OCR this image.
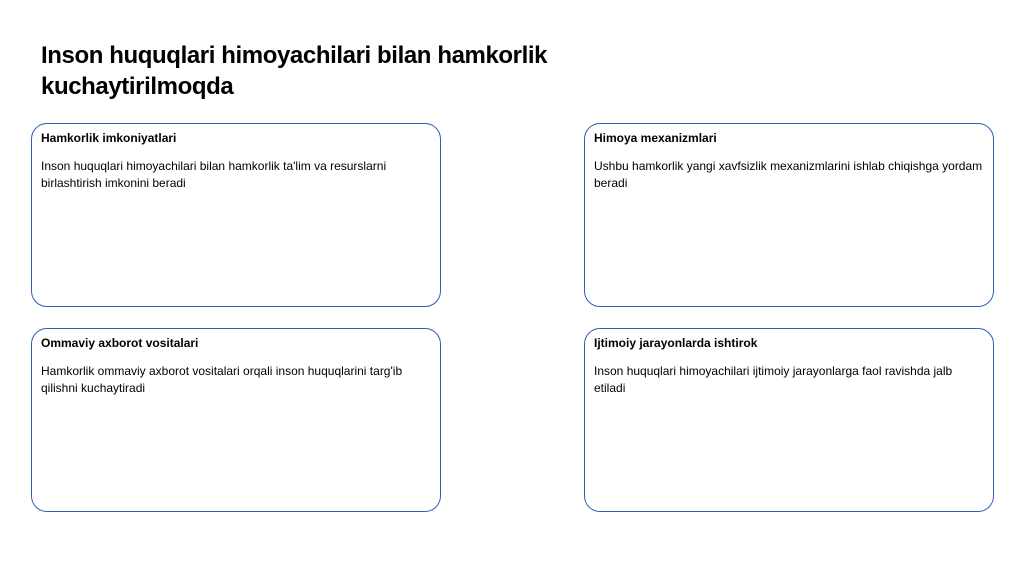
Inson huquqlari himoyachilari bilan hamkorlik kuchaytirilmoqda

Hamkorlik imkoniyatlari

Inson huquqlari himoyachilari bilan hamkorlik ta'lim va resurslarni birlashtirish imkonini beradi

Himoya mexanizmlari

Ushbu hamkorlik yangi xavfsizlik mexanizmlarini ishlab chiqishga yordam beradi

Ommaviy axborot vositalari

Hamkorlik ommaviy axborot vositalari orqali inson huquqlarini targ'ib qilishni kuchaytiradi

Ijtimoiy jarayonlarda ishtirok

Inson huquqlari himoyachilari ijtimoiy jarayonlarga faol ravishda jalb etiladi
